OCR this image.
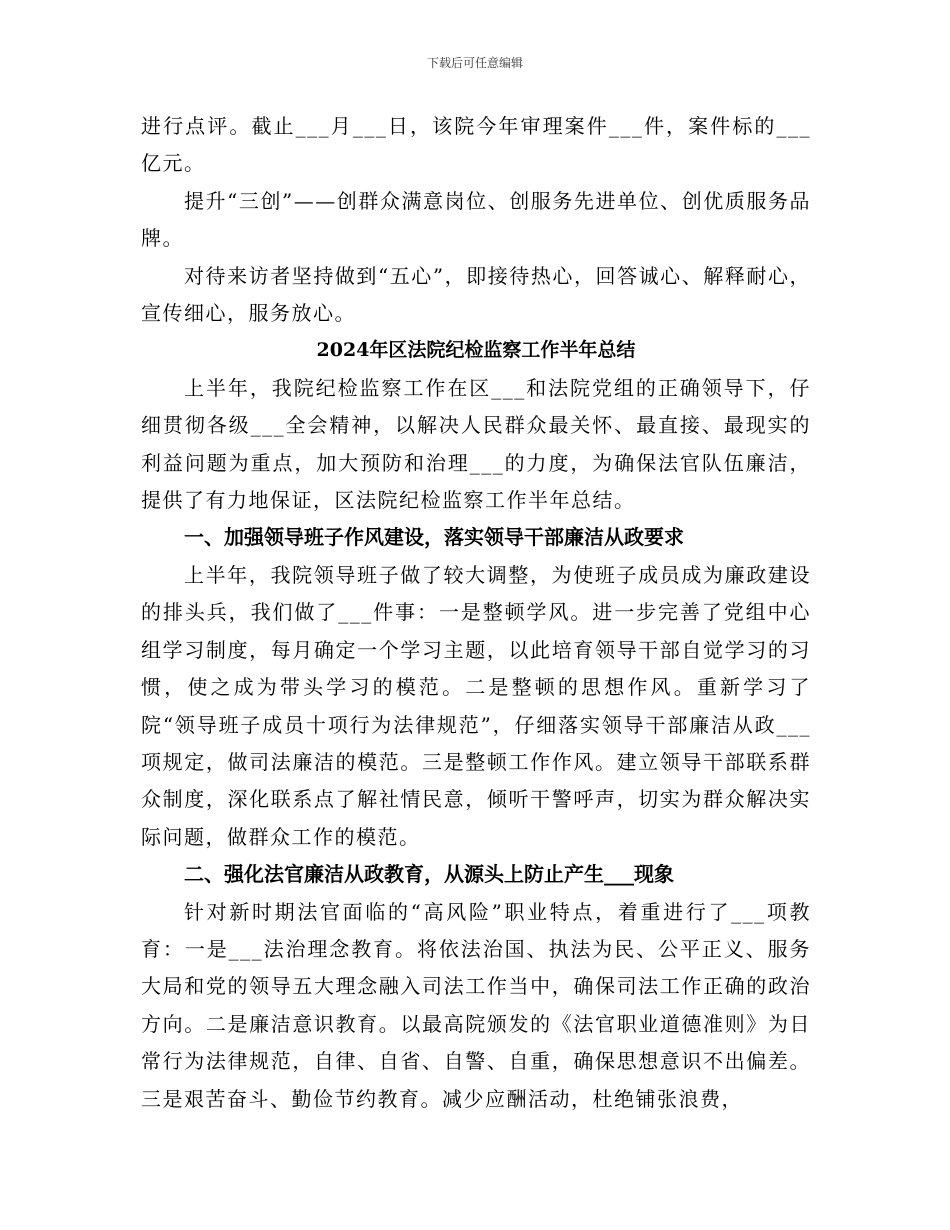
下载后可任意编辑

进行点评。截止___月___日，该院今年审理案件___件，案件标的___亿元。

提升“三创”——创群众满意岗位、创服务先进单位、创优质服务品牌。

对待来访者坚持做到“五心”，即接待热心，回答诚心、解释耐心，宣传细心，服务放心。

2024年区法院纪检监察工作半年总结

上半年，我院纪检监察工作在区___和法院党组的正确领导下，仔细贯彻各级___全会精神，以解决人民群众最关怀、最直接、最现实的利益问题为重点，加大预防和治理___的力度，为确保法官队伍廉洁，提供了有力地保证，区法院纪检监察工作半年总结。

一、加强领导班子作风建设，落实领导干部廉洁从政要求

上半年，我院领导班子做了较大调整，为使班子成员成为廉政建设的排头兵，我们做了___件事：一是整顿学风。进一步完善了党组中心组学习制度，每月确定一个学习主题，以此培育领导干部自觉学习的习惯，使之成为带头学习的模范。二是整顿的思想作风。重新学习了院“领导班子成员十项行为法律规范”，仔细落实领导干部廉洁从政___项规定，做司法廉洁的模范。三是整顿工作作风。建立领导干部联系群众制度，深化联系点了解社情民意，倾听干警呼声，切实为群众解决实际问题，做群众工作的模范。

二、强化法官廉洁从政教育，从源头上防止产生___现象

针对新时期法官面临的“高风险”职业特点，着重进行了___项教育：一是___法治理念教育。将依法治国、执法为民、公平正义、服务大局和党的领导五大理念融入司法工作当中，确保司法工作正确的政治方向。二是廉洁意识教育。以最高院颁发的《法官职业道德准则》为日常行为法律规范，自律、自省、自警、自重，确保思想意识不出偏差。三是艰苦奋斗、勤俭节约教育。减少应酬活动，杜绝铺张浪费，
